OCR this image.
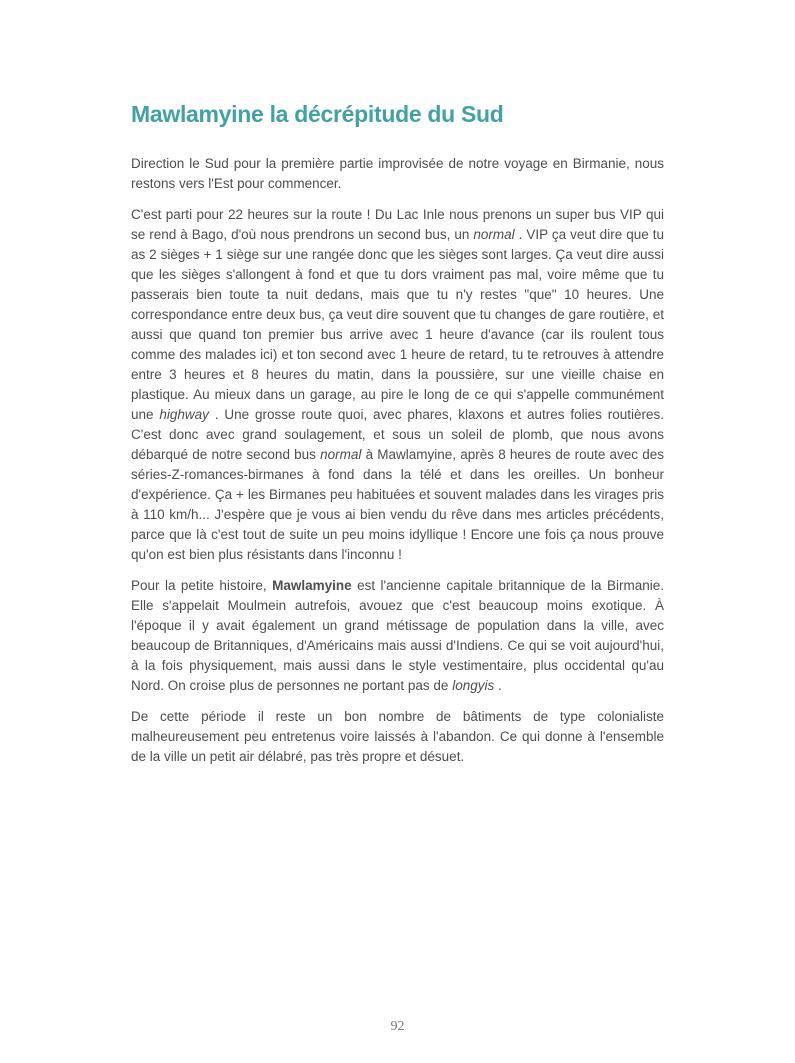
Mawlamyine la décrépitude du Sud

Direction le Sud pour la première partie improvisée de notre voyage en Birmanie, nous restons vers l'Est pour commencer.

C'est parti pour 22 heures sur la route ! Du Lac Inle nous prenons un super bus VIP qui se rend à Bago, d'où nous prendrons un second bus, un normal . VIP ça veut dire que tu as 2 sièges + 1 siège sur une rangée donc que les sièges sont larges. Ça veut dire aussi que les sièges s'allongent à fond et que tu dors vraiment pas mal, voire même que tu passerais bien toute ta nuit dedans, mais que tu n'y restes "que" 10 heures. Une correspondance entre deux bus, ça veut dire souvent que tu changes de gare routière, et aussi que quand ton premier bus arrive avec 1 heure d'avance (car ils roulent tous comme des malades ici) et ton second avec 1 heure de retard, tu te retrouves à attendre entre 3 heures et 8 heures du matin, dans la poussière, sur une vieille chaise en plastique. Au mieux dans un garage, au pire le long de ce qui s'appelle communément une highway . Une grosse route quoi, avec phares, klaxons et autres folies routières. C'est donc avec grand soulagement, et sous un soleil de plomb, que nous avons débarqué de notre second bus normal à Mawlamyine, après 8 heures de route avec des séries-Z-romances-birmanes à fond dans la télé et dans les oreilles. Un bonheur d'expérience. Ça + les Birmanes peu habituées et souvent malades dans les virages pris à 110 km/h... J'espère que je vous ai bien vendu du rêve dans mes articles précédents, parce que là c'est tout de suite un peu moins idyllique ! Encore une fois ça nous prouve qu'on est bien plus résistants dans l'inconnu !

Pour la petite histoire, Mawlamyine est l'ancienne capitale britannique de la Birmanie. Elle s'appelait Moulmein autrefois, avouez que c'est beaucoup moins exotique. À l'époque il y avait également un grand métissage de population dans la ville, avec beaucoup de Britanniques, d'Américains mais aussi d'Indiens. Ce qui se voit aujourd'hui, à la fois physiquement, mais aussi dans le style vestimentaire, plus occidental qu'au Nord. On croise plus de personnes ne portant pas de longyis .

De cette période il reste un bon nombre de bâtiments de type colonialiste malheureusement peu entretenus voire laissés à l'abandon. Ce qui donne à l'ensemble de la ville un petit air délabré, pas très propre et désuet.

92
